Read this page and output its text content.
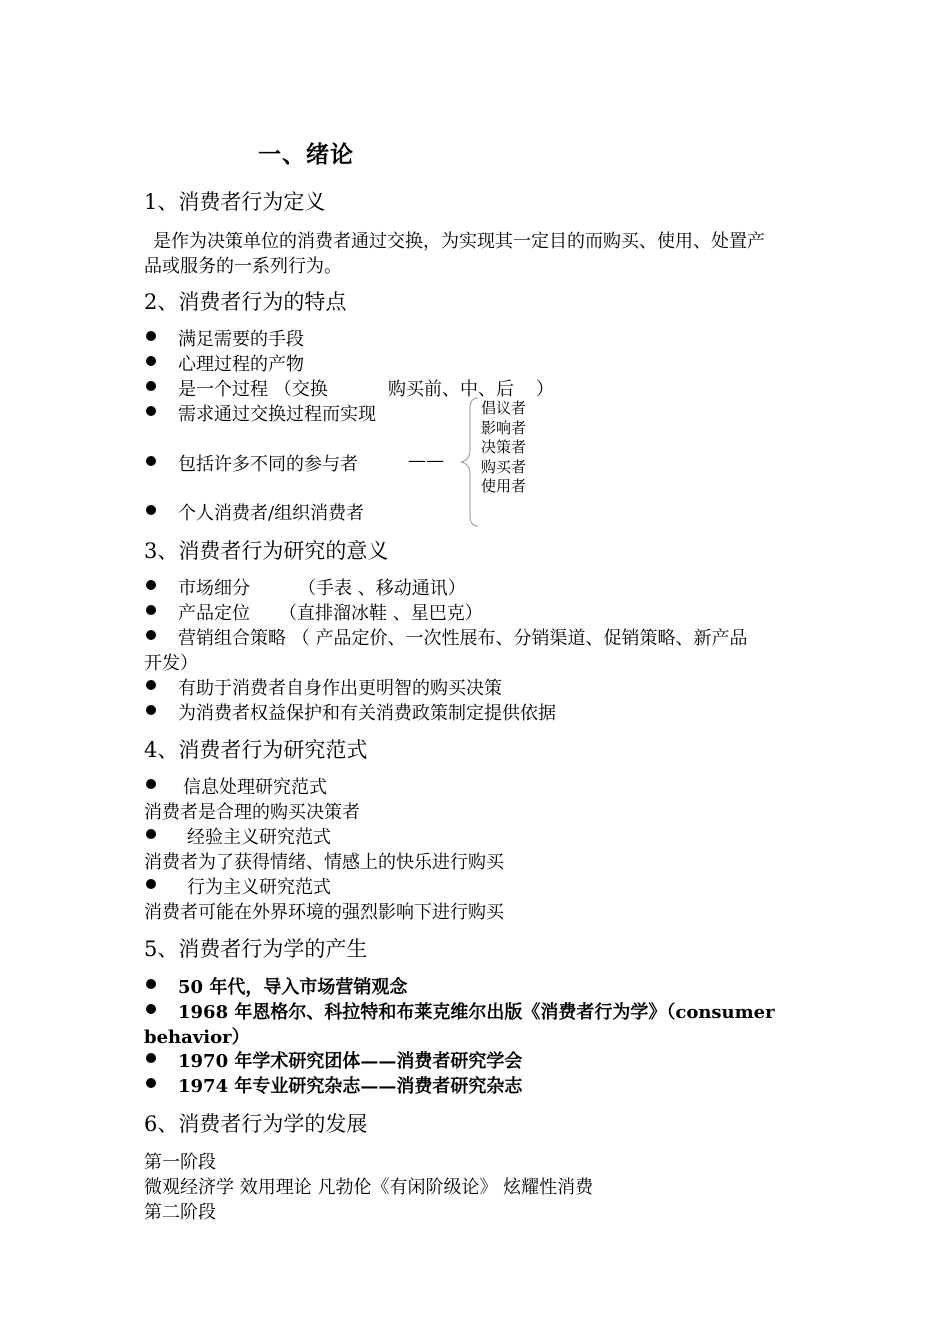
一、绪论
1、消费者行为定义
是作为决策单位的消费者通过交换，为实现其一定目的而购买、使用、处置产
品或服务的一系列行为。
2、消费者行为的特点
满足需要的手段
心理过程的产物
是一个过程 （交换	购买前、中、后 ）
需求通过交换过程而实现
包括许多不同的参与者	——
个人消费者/组织消费者
倡议者
影响者
决策者
购买者
使用者
3、消费者行为研究的意义
市场细分	（手表 、移动通讯）
产品定位 （直排溜冰鞋 、星巴克）
营销组合策略 （ 产品定价、一次性展布、分销渠道、促销策略、新产品
开发）
有助于消费者自身作出更明智的购买决策
为消费者权益保护和有关消费政策制定提供依据
4、消费者行为研究范式
信息处理研究范式
消费者是合理的购买决策者
经验主义研究范式
消费者为了获得情绪、情感上的快乐进行购买
行为主义研究范式
消费者可能在外界环境的强烈影响下进行购买
5、消费者行为学的产生
50 年代，导入市场营销观念
1968 年恩格尔、科拉特和布莱克维尔出版《消费者行为学》（consumer
behavior）
1970 年学术研究团体——消费者研究学会
1974 年专业研究杂志——消费者研究杂志
6、消费者行为学的发展
第一阶段
微观经济学 效用理论 凡勃伦《有闲阶级论》 炫耀性消费
第二阶段
